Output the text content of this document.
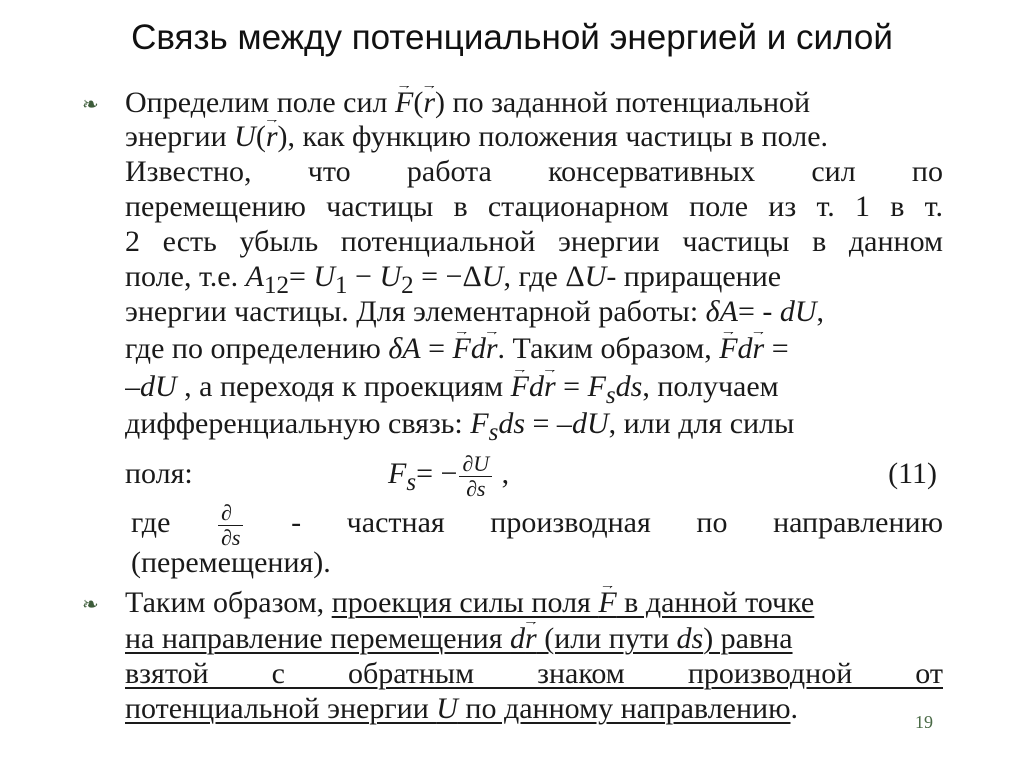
Связь между потенциальной энергией и силой
❧ Определим поле сил F →(r →) по заданной потенциальной
энергии U(r →), как функцию положения частицы в поле.
Известно, что работа консервативных сил по
перемещению частицы в стационарном поле из т. 1 в т.
2 есть убыль потенциальной энергии частицы в данном
поле, т.е. $A_{12}= U_1 - U_2 = -\Delta U$, где ΔU- приращение
энергии частицы. Для элементарной работы: δA= - dU,
где по определению δA = F →dr →. Таким образом, F →dr → =
–dU , а переходя к проекциям F →dr → = $F_sds$, получаем
дифференциальную связь: $F_sds = -dU$, или для силы
поля:	$F_s= - \frac{\partial U}{\partial s}$ ,	(11)
где $\frac{\partial}{\partial s}$ - частная производная по направлению
(перемещения).
❧ Таким образом, проекция силы поля F → в данной точке
на направление перемещения dr → (или пути ds) равна
взятой с обратным знаком производной от
потенциальной энергии U по данному направлению.	19
